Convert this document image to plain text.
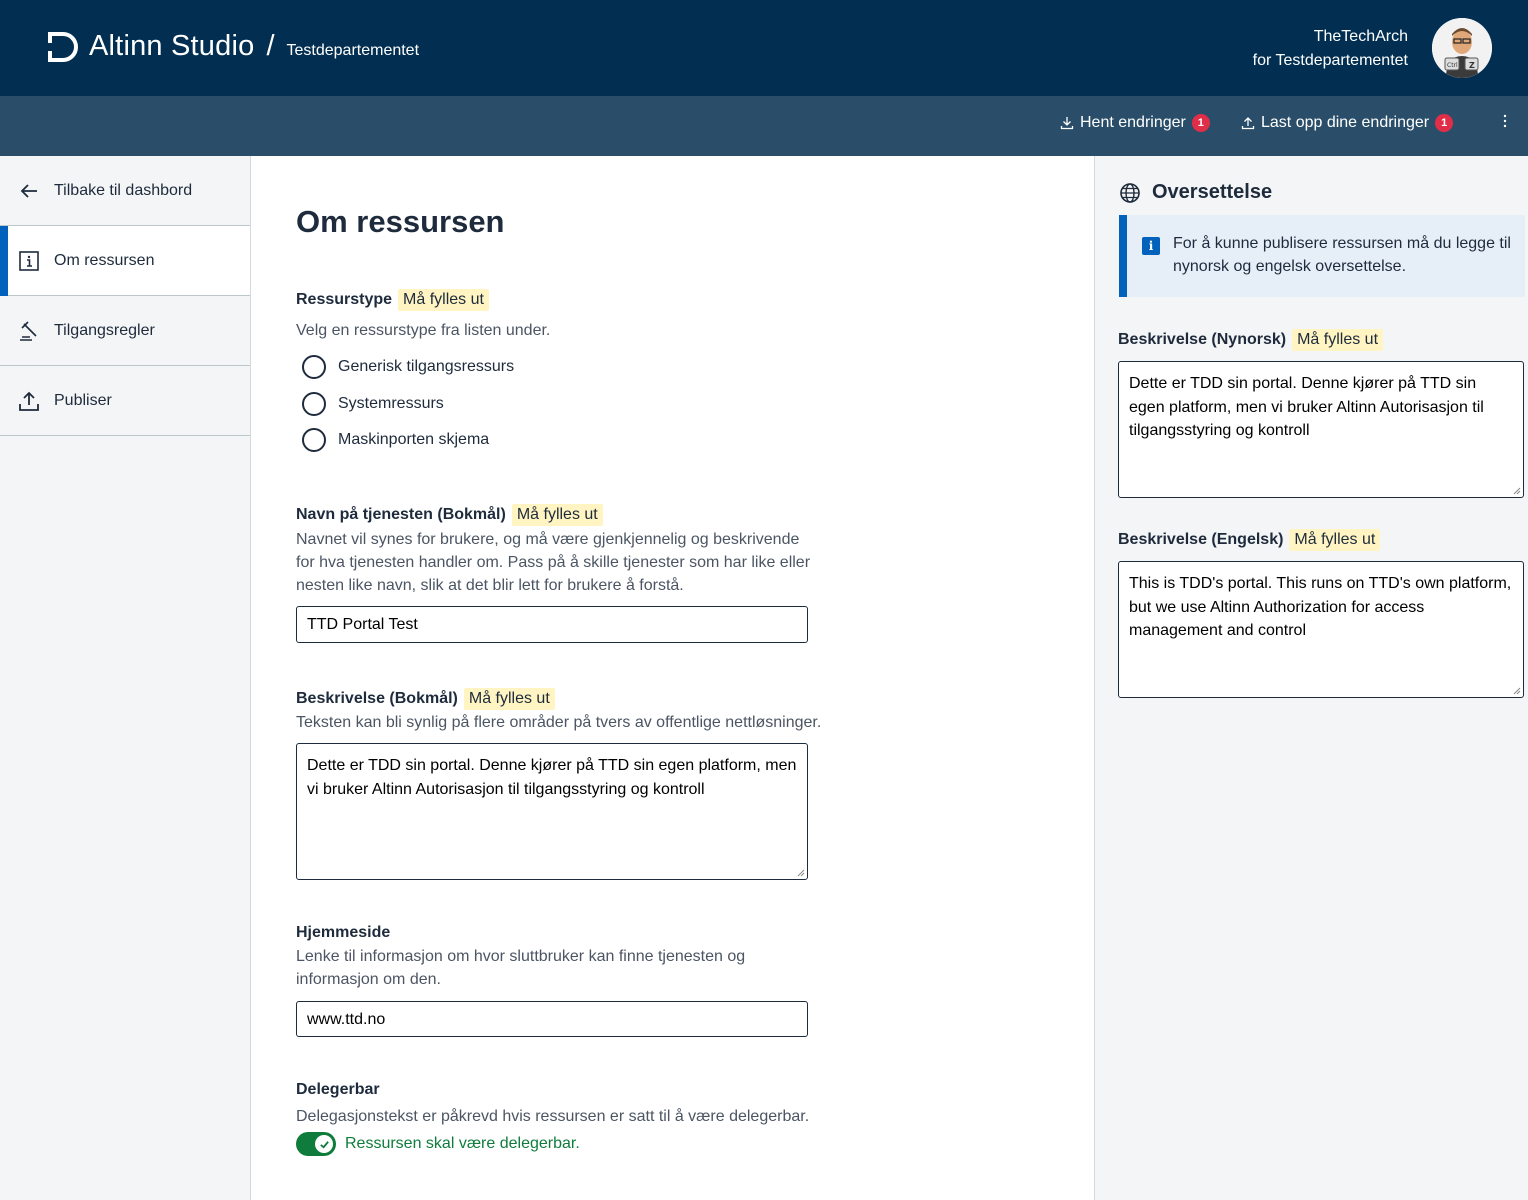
Altinn Studio / Testdepartementet
TheTechArch
for Testdepartementet	Ctrl Z
Hent endringer	1	Last opp dine endringer	1
Tilbake til dashbord
Om ressursen
Tilgangsregler
Publiser
Om ressursen
Ressurstype Må fylles ut
Velg en ressurstype fra listen under.
Generisk tilgangsressurs
Systemressurs
Maskinporten skjema
Navn på tjenesten (Bokmål) Må fylles ut
Navnet vil synes for brukere, og må være gjenkjennelig og beskrivende for hva tjenesten handler om. Pass på å skille tjenester som har like eller nesten like navn, slik at det blir lett for brukere å forstå.
TTD Portal Test
Beskrivelse (Bokmål) Må fylles ut
Teksten kan bli synlig på flere områder på tvers av offentlige nettløsninger.
Dette er TDD sin portal. Denne kjører på TTD sin egen platform, men vi bruker Altinn Autorisasjon til tilgangsstyring og kontroll
Hjemmeside
Lenke til informasjon om hvor sluttbruker kan finne tjenesten og informasjon om den.
www.ttd.no
Delegerbar
Delegasjonstekst er påkrevd hvis ressursen er satt til å være delegerbar.
Ressursen skal være delegerbar.
Oversettelse
i	For å kunne publisere ressursen må du legge til nynorsk og engelsk oversettelse.
Beskrivelse (Nynorsk) Må fylles ut
Dette er TDD sin portal. Denne kjører på TTD sin egen platform, men vi bruker Altinn Autorisasjon til tilgangsstyring og kontroll
Beskrivelse (Engelsk) Må fylles ut
This is TDD's portal. This runs on TTD's own platform, but we use Altinn Authorization for access management and control
